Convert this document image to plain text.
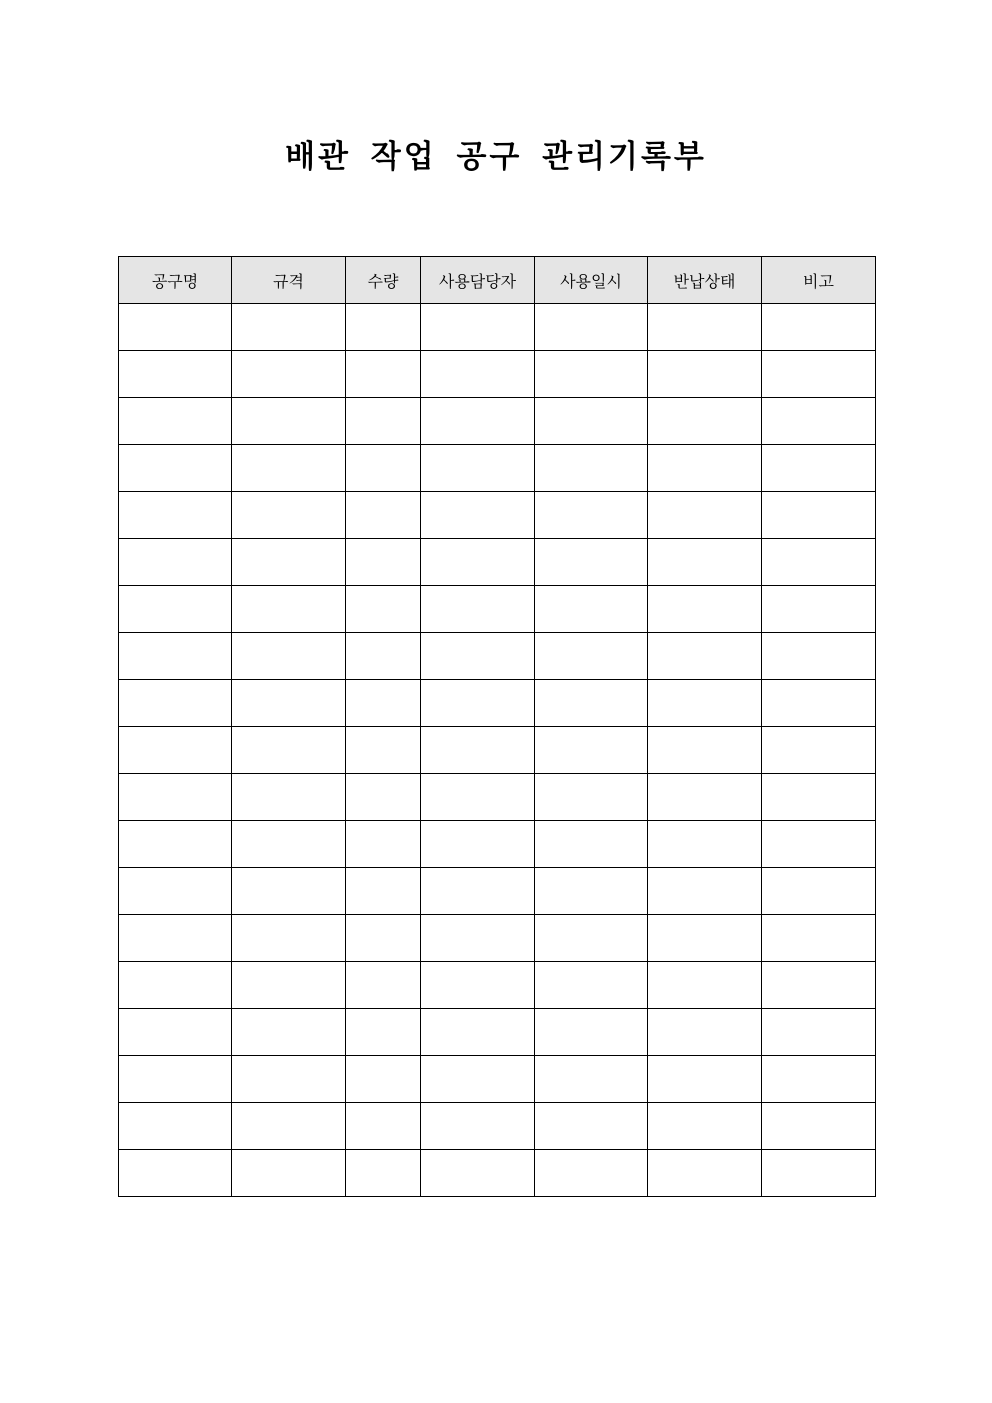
배관 작업 공구 관리기록부
공구명	규격	수량	사용담당자	사용일시	반납상태	비고
